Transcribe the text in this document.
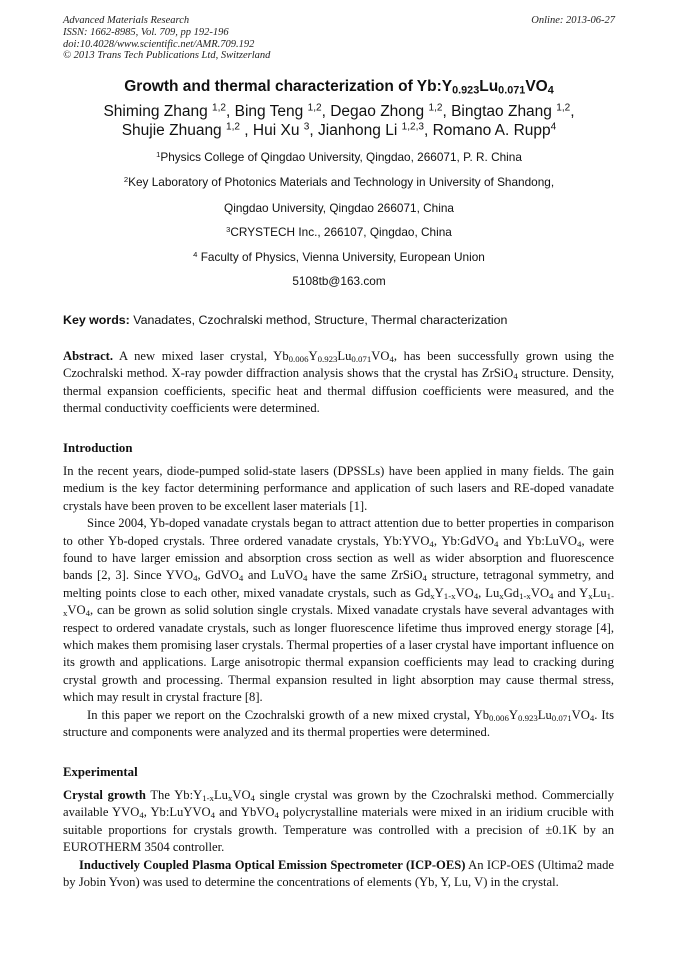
Advanced Materials Research
ISSN: 1662-8985, Vol. 709, pp 192-196
doi:10.4028/www.scientific.net/AMR.709.192
© 2013 Trans Tech Publications Ltd, Switzerland
Online: 2013-06-27
Growth and thermal characterization of $Yb:Y_{0.923}Lu_{0.071}VO_4$
Shiming Zhang $^{1,2}$, Bing Teng $^{1,2}$, Degao Zhong $^{1,2}$, Bingtao Zhang $^{1,2}$,
Shujie Zhuang $^{1,2}$ , Hui Xu $^3$, Jianhong Li $^{1,2,3}$, Romano A. Rupp$^4$
$^1$Physics College of Qingdao University, Qingdao, 266071, P. R. China
$^2$Key Laboratory of Photonics Materials and Technology in University of Shandong,
Qingdao University, Qingdao 266071, China
$^3$CRYSTECH Inc., 266107, Qingdao, China
$^4$ Faculty of Physics, Vienna University, European Union
5108tb@163.com
Key words: Vanadates, Czochralski method, Structure, Thermal characterization

Abstract. A new mixed laser crystal, $Yb_{0.006}Y_{0.923}Lu_{0.071}VO_4$, has been successfully grown using the Czochralski method. X-ray powder diffraction analysis shows that the crystal has ZrSiO$_4$ structure. Density, thermal expansion coefficients, specific heat and thermal diffusion coefficients were measured, and the thermal conductivity coefficients were determined.

Introduction

In the recent years, diode-pumped solid-state lasers (DPSSLs) have been applied in many fields. The gain medium is the key factor determining performance and application of such lasers and RE-doped vanadate crystals have been proven to be excellent laser materials [1].

Since 2004, Yb-doped vanadate crystals began to attract attention due to better properties in comparison to other Yb-doped crystals. Three ordered vanadate crystals, $Yb:YVO_4$, Yb:GdVO$_4$ and Yb:LuVO$_4$, were found to have larger emission and absorption cross section as well as wider absorption and fluorescence bands [2, 3]. Since $YVO_4$, GdVO$_4$ and LuVO$_4$ have the same ZrSiO$_4$ structure, tetragonal symmetry, and melting points close to each other, mixed vanadate crystals, such as $Gd_xY_{1-x}VO_4$, $Lu_xGd_{1-x}VO_4$ and $Y_xLu_{1-x}VO_4$, can be grown as solid solution single crystals. Mixed vanadate crystals have several advantages with respect to ordered vanadate crystals, such as longer fluorescence lifetime thus improved energy storage [4], which makes them promising laser crystals. Thermal properties of a laser crystal have important influence on its growth and applications. Large anisotropic thermal expansion coefficients may lead to cracking during crystal growth and processing. Thermal expansion resulted in light absorption may cause thermal stress, which may result in crystal fracture [8].

In this paper we report on the Czochralski growth of a new mixed crystal, $Yb_{0.006}Y_{0.923}Lu_{0.071}VO_4$. Its structure and components were analyzed and its thermal properties were determined.

Experimental

Crystal growth The $Yb:Y_{1-x}Lu_xVO_4$ single crystal was grown by the Czochralski method. Commercially available $YVO_4$, Yb:LuYVO$_4$ and YbVO$_4$ polycrystalline materials were mixed in an iridium crucible with suitable proportions for crystals growth. Temperature was controlled with a precision of ±0.1K by an EUROTHERM 3504 controller.

Inductively Coupled Plasma Optical Emission Spectrometer (ICP-OES) An ICP-OES (Ultima2 made by Jobin Yvon) was used to determine the concentrations of elements (Yb, Y, Lu, V) in the crystal.
